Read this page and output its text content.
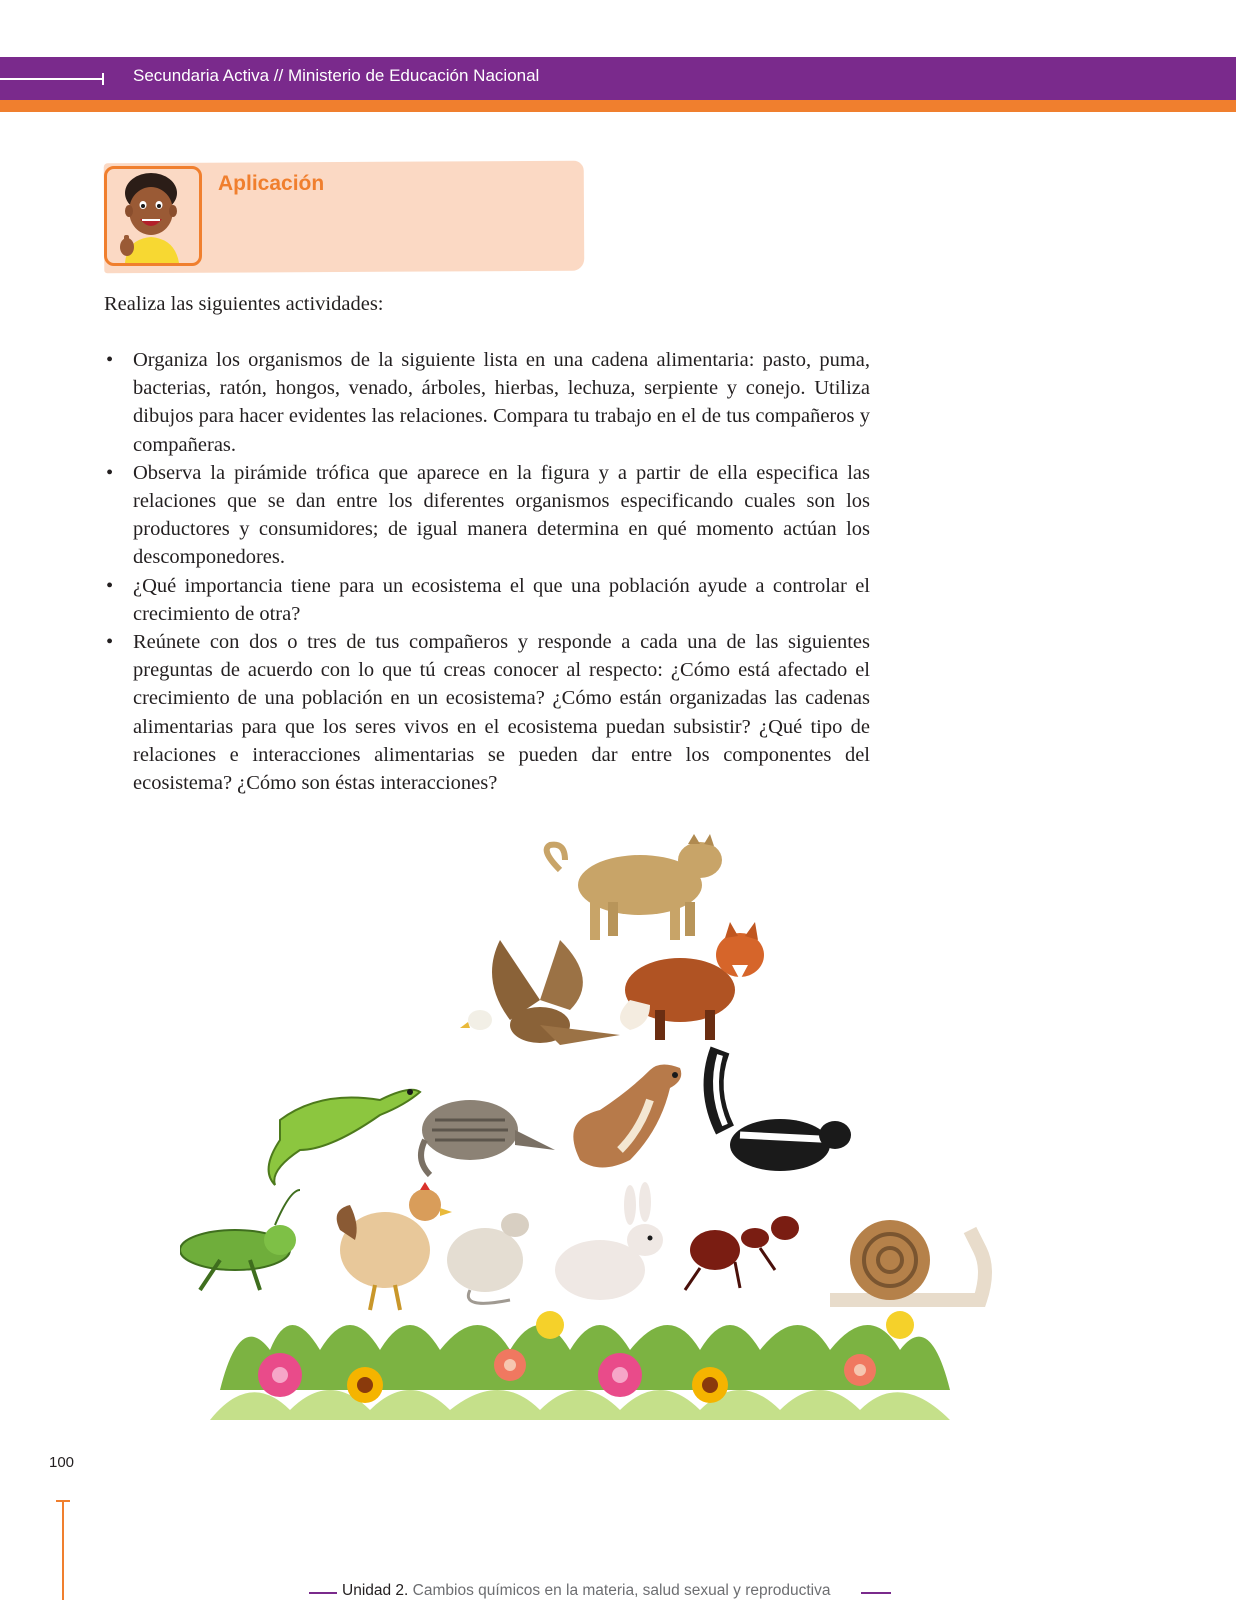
Secundaria Activa // Ministerio de Educación Nacional
Aplicación
Realiza las siguientes actividades:
• Organiza los organismos de la siguiente lista en una cadena alimentaria: pasto, puma, bacterias, ratón, hongos, venado, árboles, hierbas, lechuza, serpiente y conejo. Utiliza dibujos para hacer evidentes las relaciones. Compara tu trabajo en el de tus compañeros y compañeras.
• Observa la pirámide trófica que aparece en la figura y a partir de ella especifica las relaciones que se dan entre los diferentes organismos especificando cuales son los productores y consumidores; de igual manera determina en qué momento actúan los descomponedores.
• ¿Qué importancia tiene para un ecosistema el que una población ayude a controlar el crecimiento de otra?
• Reúnete con dos o tres de tus compañeros y responde a cada una de las siguientes preguntas de acuerdo con lo que tú creas conocer al respecto: ¿Cómo está afectado el crecimiento de una población en un ecosistema? ¿Cómo están organizadas las cadenas alimentarias para que los seres vivos en el ecosistema puedan subsistir? ¿Qué tipo de relaciones e interacciones alimentarias se pueden dar entre los componentes del ecosistema? ¿Cómo son éstas interacciones?
100
Unidad 2. Cambios químicos en la materia, salud sexual y reproductiva
